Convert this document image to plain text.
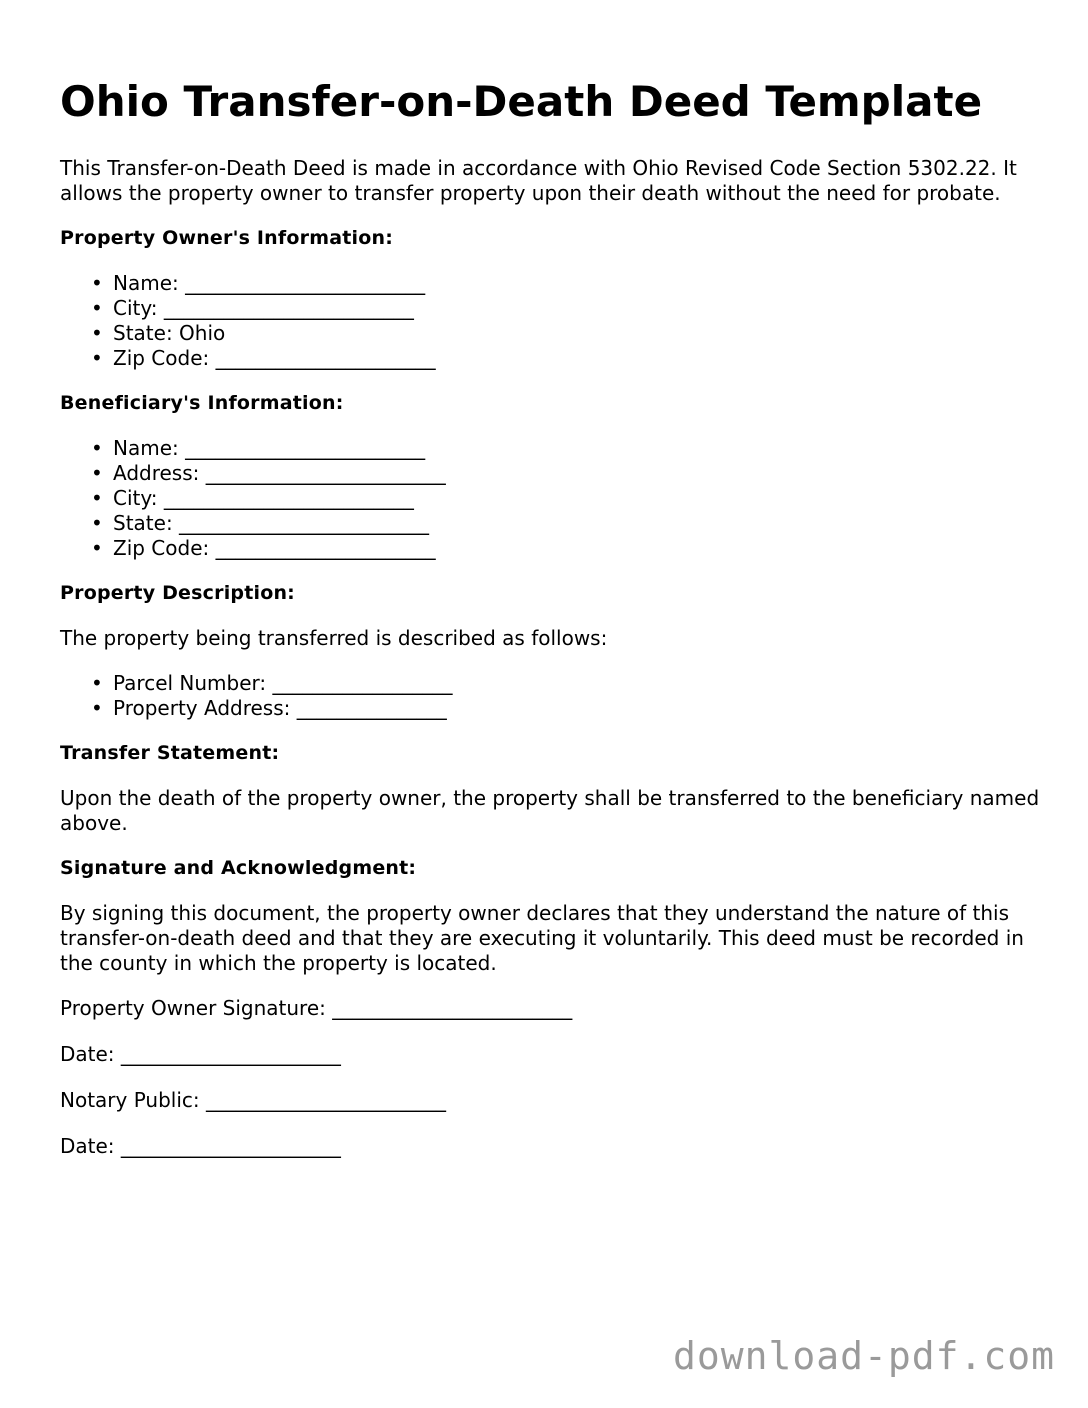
Ohio Transfer-on-Death Deed Template

This Transfer-on-Death Deed is made in accordance with Ohio Revised Code Section 5302.22. It allows the property owner to transfer property upon their death without the need for probate.

Property Owner's Information:
• Name: ________________________
• City: _________________________
• State: Ohio
• Zip Code: ______________________
Beneficiary's Information:
• Name: ________________________
• Address: ________________________
• City: _________________________
• State: _________________________
• Zip Code: ______________________
Property Description:

The property being transferred is described as follows:

• Parcel Number: __________________
• Property Address: _______________
Transfer Statement:

Upon the death of the property owner, the property shall be transferred to the beneficiary named above.

Signature and Acknowledgment:

By signing this document, the property owner declares that they understand the nature of this transfer-on-death deed and that they are executing it voluntarily. This deed must be recorded in the county in which the property is located.

Property Owner Signature: ________________________
Date: ______________________
Notary Public: ________________________
Date: ______________________
download-pdf.com
